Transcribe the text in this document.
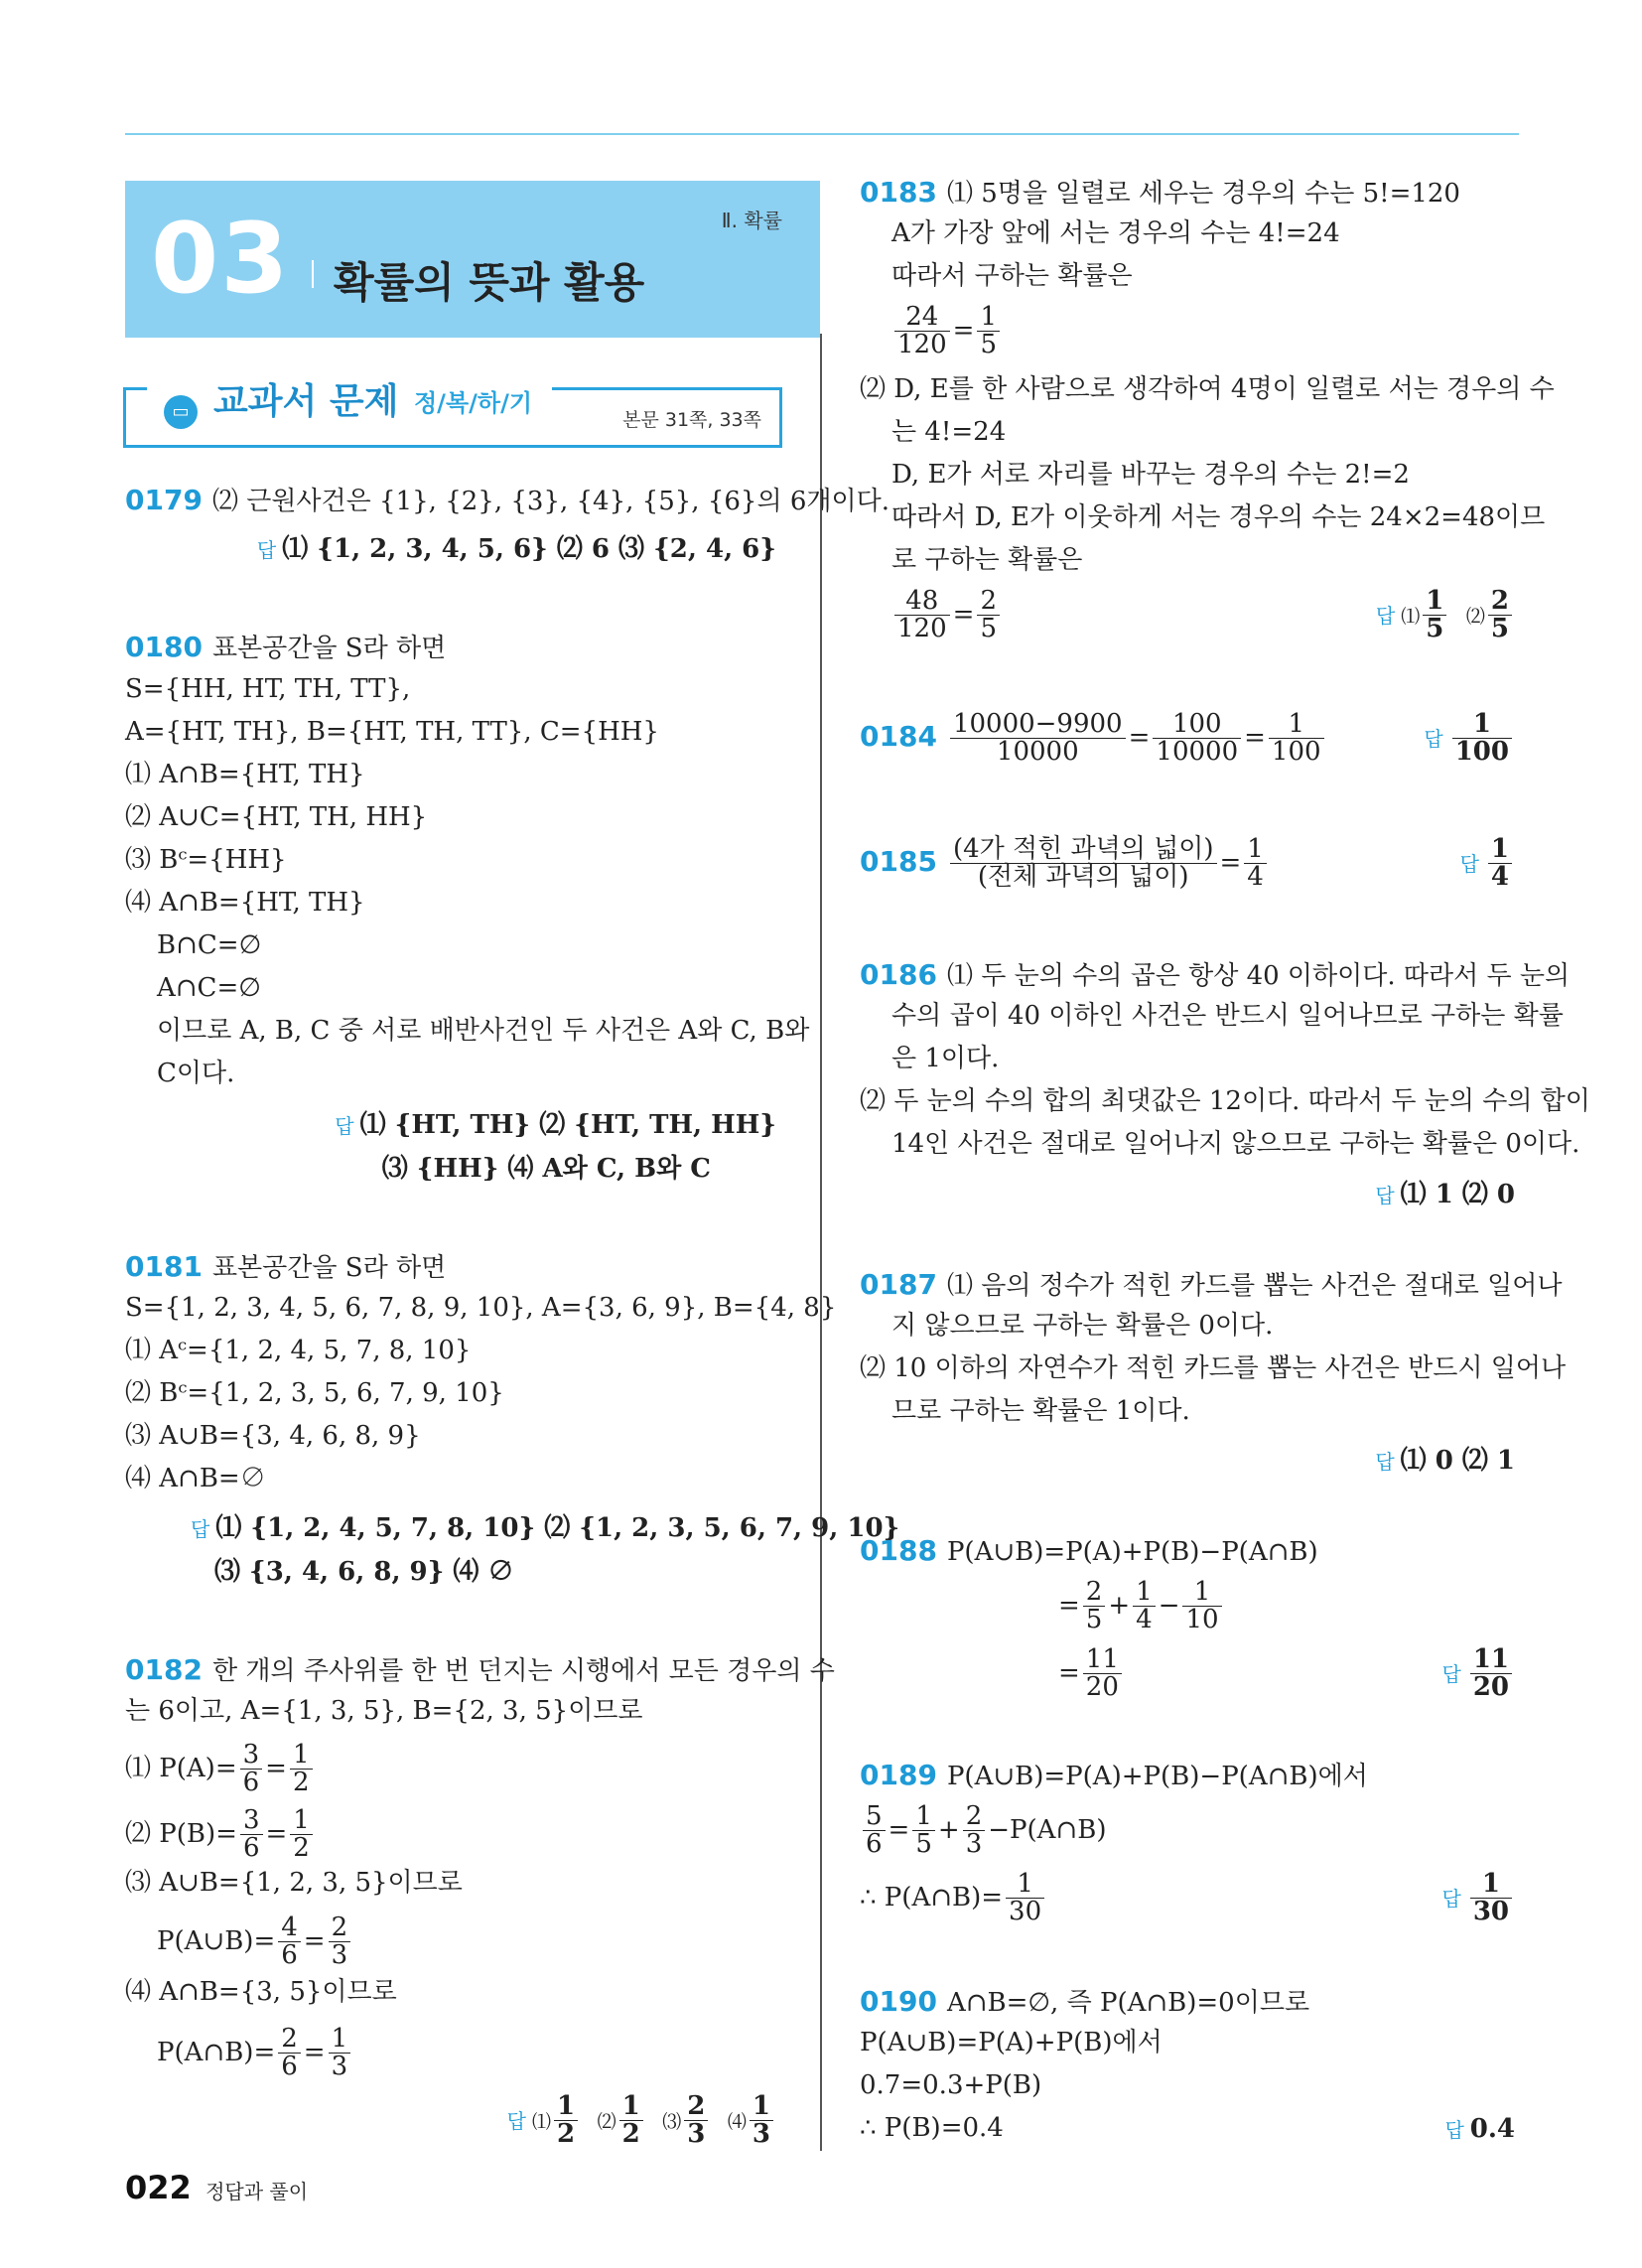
Ⅱ. 확률
03 확률의 뜻과 활용
▭ 교과서 문제 정/복/하/기
본문 31쪽, 33쪽
0179 ⑵ 근원사건은 {1}, {2}, {3}, {4}, {5}, {6}의 6개이다.
답 ⑴ {1, 2, 3, 4, 5, 6} ⑵ 6 ⑶ {2, 4, 6}
0180 표본공간을 S라 하면
S={HH, HT, TH, TT},
A={HT, TH}, B={HT, TH, TT}, C={HH}
⑴ A∩B={HT, TH}
⑵ A∪C={HT, TH, HH}
⑶ Bᶜ={HH}
⑷ A∩B={HT, TH}
B∩C=∅
A∩C=∅
이므로 A, B, C 중 서로 배반사건인 두 사건은 A와 C, B와
C이다.
답 ⑴ {HT, TH} ⑵ {HT, TH, HH}
⑶ {HH} ⑷ A와 C, B와 C
0181 표본공간을 S라 하면
S={1, 2, 3, 4, 5, 6, 7, 8, 9, 10}, A={3, 6, 9}, B={4, 8}
⑴ Aᶜ={1, 2, 4, 5, 7, 8, 10}
⑵ Bᶜ={1, 2, 3, 5, 6, 7, 9, 10}
⑶ A∪B={3, 4, 6, 8, 9}
⑷ A∩B=∅
답 ⑴ {1, 2, 4, 5, 7, 8, 10} ⑵ {1, 2, 3, 5, 6, 7, 9, 10}
⑶ {3, 4, 6, 8, 9} ⑷ ∅
0182 한 개의 주사위를 한 번 던지는 시행에서 모든 경우의 수
는 6이고, A={1, 3, 5}, B={2, 3, 5}이므로
⑴ $P(A)= \frac{3}{6} = \frac{1}{2}$
⑵ $P(B)= \frac{3}{6} = \frac{1}{2}$
⑶ A∪B={1, 2, 3, 5}이므로
P(A∪B)= $\frac{4}{6} = \frac{2}{3}$
⑷ A∩B={3, 5}이므로
P(A∩B)= $\frac{2}{6} = \frac{1}{3}$
답 ⑴ $\frac{1}{2}$ ⑵ $\frac{1}{2}$ ⑶ $\frac{2}{3}$ ⑷ $\frac{1}{3}$
0183 ⑴ 5명을 일렬로 세우는 경우의 수는 5!=120
A가 가장 앞에 서는 경우의 수는 4!=24
따라서 구하는 확률은
$\frac{24}{120} = \frac{1}{5}$
⑵ D, E를 한 사람으로 생각하여 4명이 일렬로 서는 경우의 수
는 4!=24
D, E가 서로 자리를 바꾸는 경우의 수는 2!=2
따라서 D, E가 이웃하게 서는 경우의 수는 24×2=48이므
로 구하는 확률은
$\frac{48}{120} = \frac{2}{5}$	답 ⑴ $\frac{1}{5}$ ⑵ $\frac{2}{5}$
$0184 \frac{10000-9900}{10000} = \frac{100}{10000} = \frac{1}{100}$	답 $\frac{1}{100}$
0185 (4가 적힌 과녁의 넓이)
(전체 과녁의 넓이)	= $\frac{1}{4}$	답 $\frac{1}{4}$
0186 ⑴ 두 눈의 수의 곱은 항상 40 이하이다. 따라서 두 눈의
수의 곱이 40 이하인 사건은 반드시 일어나므로 구하는 확률
은 1이다.
⑵ 두 눈의 수의 합의 최댓값은 12이다. 따라서 두 눈의 수의 합이
14인 사건은 절대로 일어나지 않으므로 구하는 확률은 0이다.
답 ⑴ 1 ⑵ 0
0187 ⑴ 음의 정수가 적힌 카드를 뽑는 사건은 절대로 일어나
지 않으므로 구하는 확률은 0이다.
⑵ 10 이하의 자연수가 적힌 카드를 뽑는 사건은 반드시 일어나
므로 구하는 확률은 1이다.
답 ⑴ 0 ⑵ 1
0188 P(A∪B)=P(A)+P(B)−P(A∩B)
= $\frac{2}{5} + \frac{1}{4} - \frac{1}{10}$
= $\frac{11}{20}$	답 $\frac{11}{20}$
0189 P(A∪B)=P(A)+P(B)−P(A∩B)에서
$\frac{5}{6} = \frac{1}{5} + \frac{2}{3}$ −P(A∩B)
∴ P(A∩B)= $\frac{1}{30}$	답 $\frac{1}{30}$
0190 A∩B=∅, 즉 P(A∩B)=0이므로
P(A∪B)=P(A)+P(B)에서
0.7=0.3+P(B)
∴ P(B)=0.4	답 0.4
022 정답과 풀이
